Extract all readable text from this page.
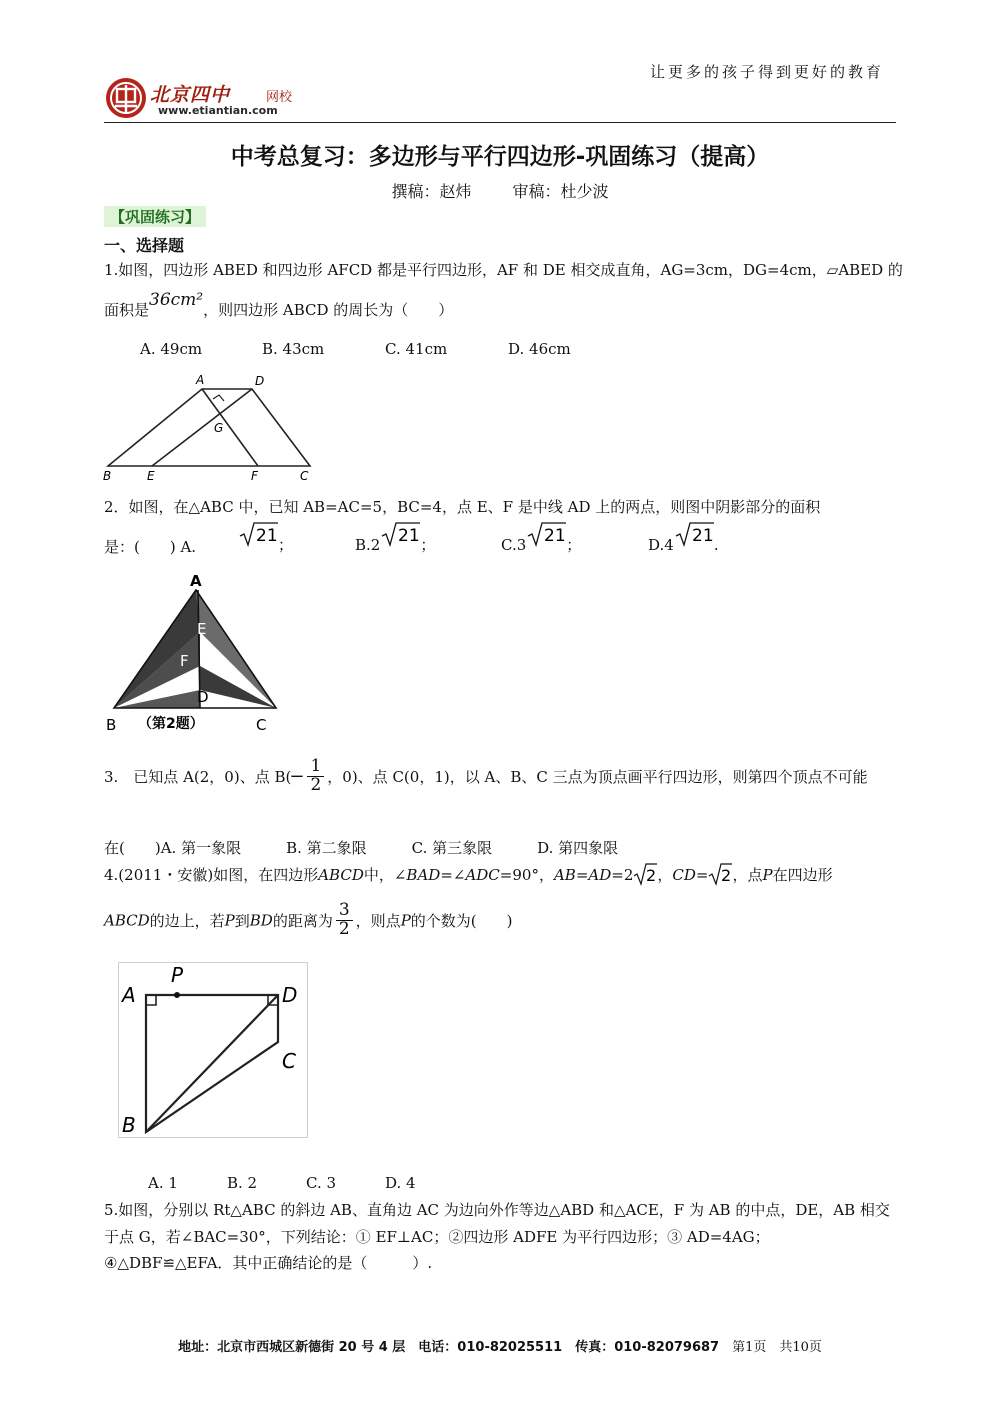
让更多的孩子得到更好的教育
北京四中	网校
www.etiantian.com
中考总复习：多边形与平行四边形-巩固练习（提高）
撰稿：赵炜	审稿：杜少波
【巩固练习】
一、选择题
1.如图，四边形 ABED 和四边形 AFCD 都是平行四边形，AF 和 DE 相交成直角，AG=3cm，DG=4cm，▱ABED 的
面积是36cm²，则四边形 ABCD 的周长为（　　）
A. 49cm	B. 43cm	C. 41cm	D. 46cm
A	D
G
B	E	F	C
2．如图，在△ABC 中，已知 AB=AC=5，BC=4，点 E、F 是中线 AD 上的两点，则图中阴影部分的面积
是：(　　) A.
21 ；	B.2 21 ；	C.3 21 ；	D.4 21 .
A
E
F
D
B	C
（第2题）
3.　已知点 A(2，0)、点 $B(- \frac{1}{2}$ ，0)、点 C(0，1)，以 A、B、C 三点为顶点画平行四边形，则第四个顶点不可能
在(　　)A. 第一象限　　　B. 第二象限　　　C. 第三象限　　　D. 第四象限
4.(2011・安徽)如图，在四边形ABCD中，∠BAD=∠ADC=90°，AB=AD=2 2 ，CD= 2 ，点P在四边形
ABCD的边上，若P到BD的距离为 $\frac{3}{2}$ ，则点P的个数为(　　)
A
P
D
C
B
A. 1	B. 2	C. 3	D. 4
5.如图，分别以 Rt△ABC 的斜边 AB、直角边 AC 为边向外作等边△ABD 和△ACE，F 为 AB 的中点，DE，AB 相交
于点 G，若∠BAC=30°，下列结论：① EF⊥AC；②四边形 ADFE 为平行四边形；③ AD=4AG；
④△DBF≌△EFA．其中正确结论的是（　　　）.
地址：北京市西城区新德街 20 号 4 层　电话：010-82025511　传真：010-82079687　 第1页　共10页
